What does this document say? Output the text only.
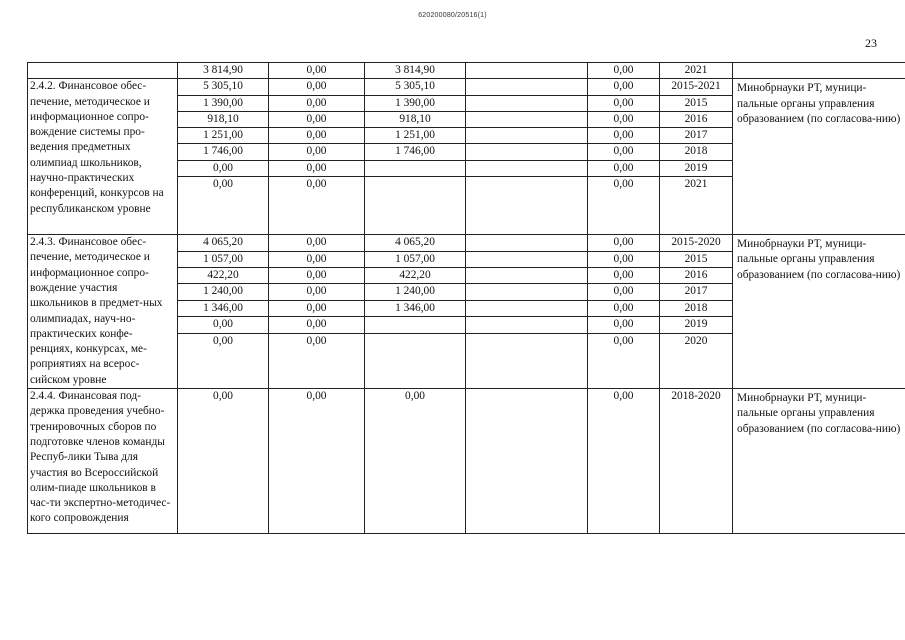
620200080/20516(1)
23
	3 814,90	0,00	3 814,90		0,00	2021	

2.4.2. Финансовое обес-печение, методическое и информационное сопро-вождение системы про-ведения предметных олимпиад школьников, научно-практических конференций, конкурсов на республиканском уровне	5 305,10	0,00	5 305,10		0,00	2015-2021	Минобрнауки РТ, муници-пальные органы управления образованием (по согласова-нию)

	1 390,00	0,00	1 390,00		0,00	2015	
	918,10	0,00	918,10		0,00	2016	
	1 251,00	0,00	1 251,00		0,00	2017	
	1 746,00	0,00	1 746,00		0,00	2018	
	0,00	0,00			0,00	2019	
	0,00	0,00			0,00	2021	

2.4.3. Финансовое обес-печение, методическое и информационное сопро-вождение участия школьников в предмет-ных олимпиадах, науч-но-практических конфе-ренциях, конкурсах, ме-роприятиях на всерос-сийском уровне	4 065,20	0,00	4 065,20		0,00	2015-2020	Минобрнауки РТ, муници-пальные органы управления образованием (по согласова-нию)

	1 057,00	0,00	1 057,00		0,00	2015	
	422,20	0,00	422,20		0,00	2016	
	1 240,00	0,00	1 240,00		0,00	2017	
	1 346,00	0,00	1 346,00		0,00	2018	
	0,00	0,00			0,00	2019	
	0,00	0,00			0,00	2020	

2.4.4. Финансовая под-держка проведения учебно-тренировочных сборов по подготовке членов команды Респуб-лики Тыва для участия во Всероссийской олим-пиаде школьников в час-ти экспертно-методичес-кого сопровождения	0,00	0,00	0,00		0,00	2018-2020	Минобрнауки РТ, муници-пальные органы управления образованием (по согласова-нию)
